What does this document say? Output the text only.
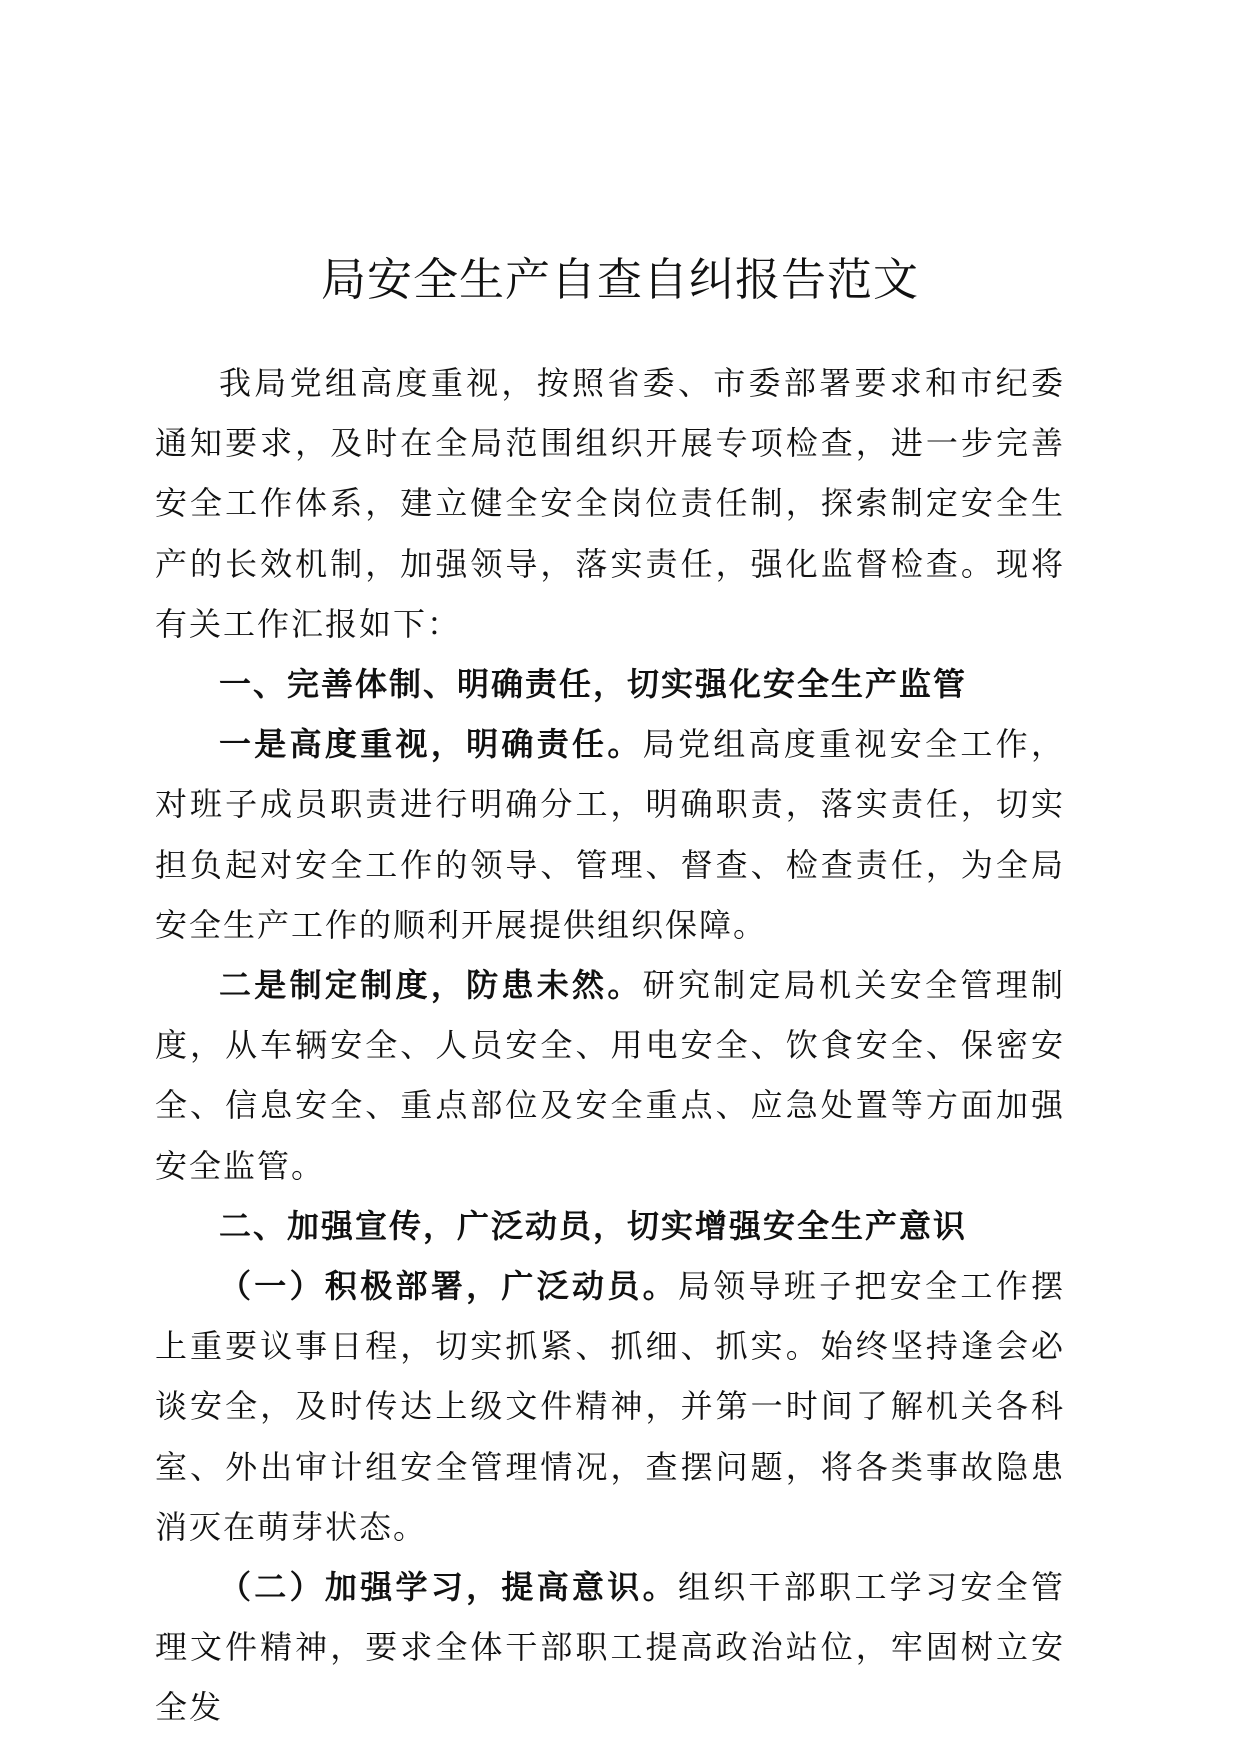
局安全生产自查自纠报告范文

我局党组高度重视，按照省委、市委部署要求和市纪委通知要求，及时在全局范围组织开展专项检查，进一步完善安全工作体系，建立健全安全岗位责任制，探索制定安全生产的长效机制，加强领导，落实责任，强化监督检查。现将有关工作汇报如下：

一、完善体制、明确责任，切实强化安全生产监管

一是高度重视，明确责任。局党组高度重视安全工作，对班子成员职责进行明确分工，明确职责，落实责任，切实担负起对安全工作的领导、管理、督查、检查责任，为全局安全生产工作的顺利开展提供组织保障。

二是制定制度，防患未然。研究制定局机关安全管理制度，从车辆安全、人员安全、用电安全、饮食安全、保密安全、信息安全、重点部位及安全重点、应急处置等方面加强安全监管。

二、加强宣传，广泛动员，切实增强安全生产意识

（一）积极部署，广泛动员。局领导班子把安全工作摆上重要议事日程，切实抓紧、抓细、抓实。始终坚持逢会必谈安全，及时传达上级文件精神，并第一时间了解机关各科室、外出审计组安全管理情况，查摆问题，将各类事故隐患消灭在萌芽状态。

（二）加强学习，提高意识。组织干部职工学习安全管理文件精神，要求全体干部职工提高政治站位，牢固树立安全发
